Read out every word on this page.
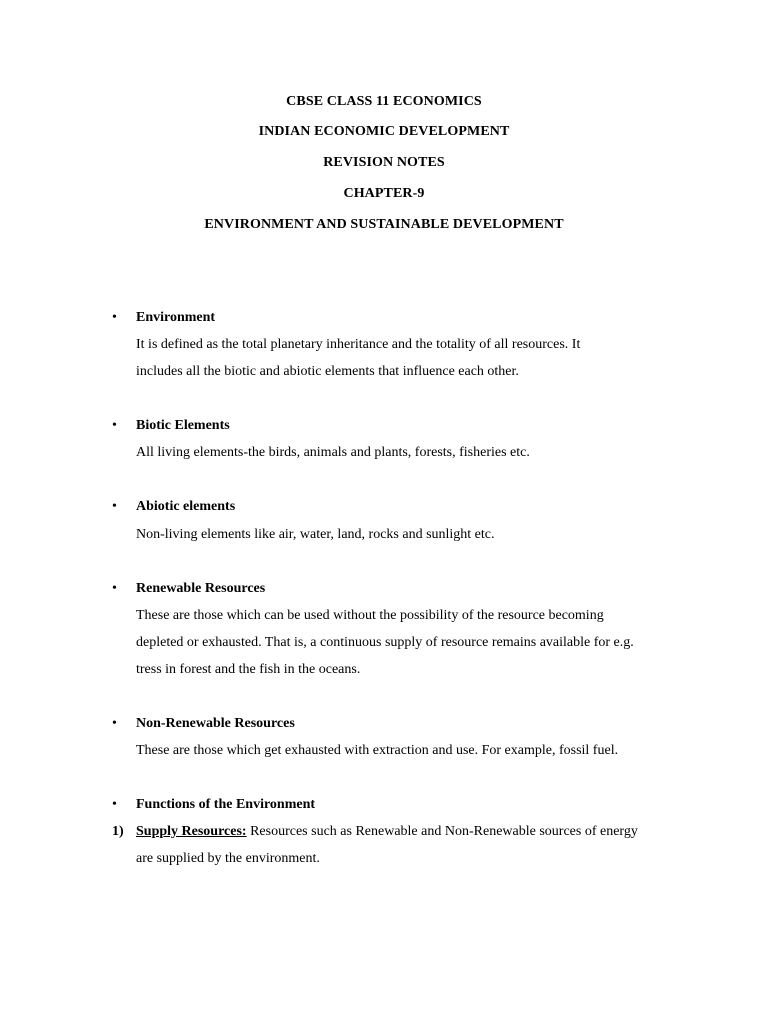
CBSE CLASS 11 ECONOMICS
INDIAN ECONOMIC DEVELOPMENT
REVISION NOTES
CHAPTER-9
ENVIRONMENT AND SUSTAINABLE DEVELOPMENT
• Environment
It is defined as the total planetary inheritance and the totality of all resources. It
includes all the biotic and abiotic elements that influence each other.
• Biotic Elements
All living elements-the birds, animals and plants, forests, fisheries etc.
• Abiotic elements
Non-living elements like air, water, land, rocks and sunlight etc.
• Renewable Resources
These are those which can be used without the possibility of the resource becoming
depleted or exhausted. That is, a continuous supply of resource remains available for e.g.
tress in forest and the fish in the oceans.
• Non-Renewable Resources
These are those which get exhausted with extraction and use. For example, fossil fuel.
• Functions of the Environment
1) Supply Resources: Resources such as Renewable and Non-Renewable sources of energy
are supplied by the environment.
